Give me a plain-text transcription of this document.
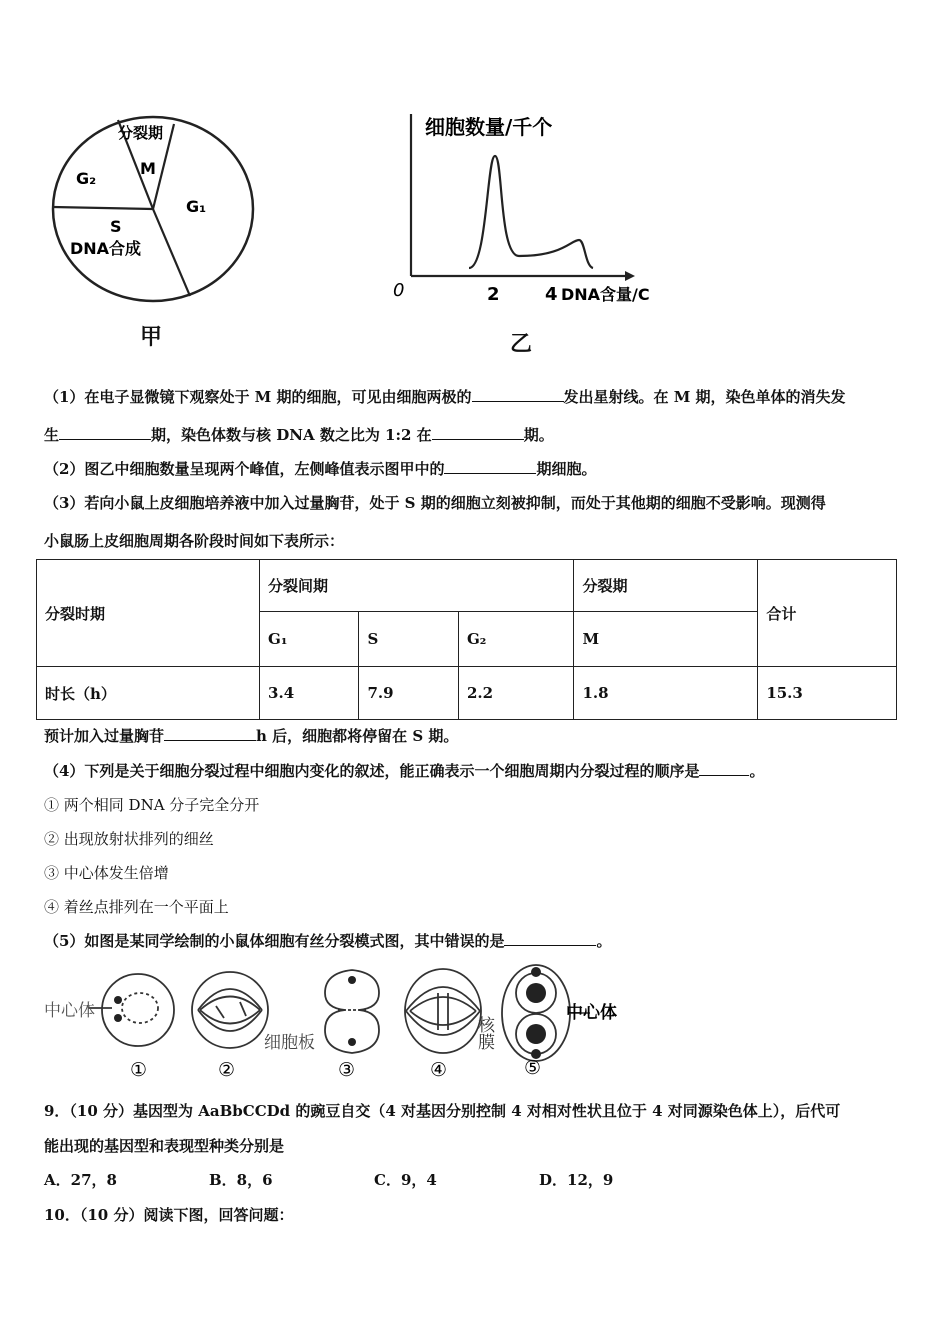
分裂期
M
G₂
S
DNA合成
G₁
甲
细胞数量/千个
0	2	4 DNA含量/C
乙
（1）在电子显微镜下观察处于 M 期的细胞，可见由细胞两极的	发出星射线。在 M 期，染色单体的消失发
生	期，染色体数与核 DNA 数之比为 1:2 在	期。
（2）图乙中细胞数量呈现两个峰值，左侧峰值表示图甲中的	期细胞。
（3）若向小鼠上皮细胞培养液中加入过量胸苷，处于 S 期的细胞立刻被抑制，而处于其他期的细胞不受影响。现测得
小鼠肠上皮细胞周期各阶段时间如下表所示：
分裂时期	分裂间期			分裂期	合计
	G₁	S	G₂	M	
时长（h）	3.4	7.9	2.2	1.8	15.3
预计加入过量胸苷	h 后，细胞都将停留在 S 期。
（4）下列是关于细胞分裂过程中细胞内变化的叙述，能正确表示一个细胞周期内分裂过程的顺序是	。
① 两个相同 DNA 分子完全分开
② 出现放射状排列的细丝
③ 中心体发生倍增
④ 着丝点排列在一个平面上
（5）如图是某同学绘制的小鼠体细胞有丝分裂模式图，其中错误的是	。
中心体
细胞板	核膜
中心体
①	②	③	④	⑤
9．（10 分）基因型为 AaBbCCDd 的豌豆自交（4 对基因分别控制 4 对相对性状且位于 4 对同源染色体上），后代可
能出现的基因型和表现型种类分别是
A．27，8	B．8，6	C．9，4	D．12，9
10．（10 分）阅读下图，回答问题：
